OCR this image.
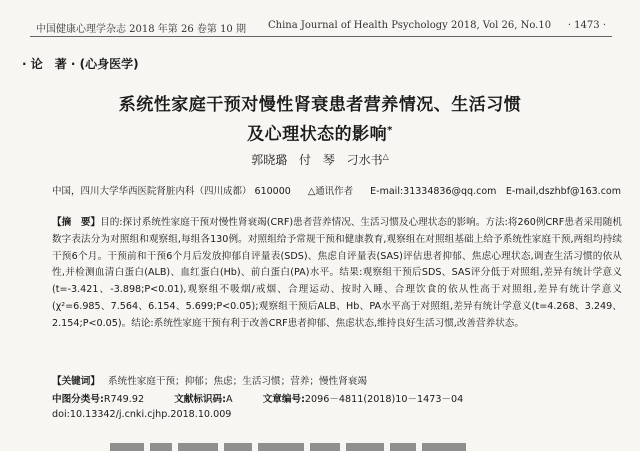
中国健康心理学杂志 2018 年第 26 卷第 10 期 China Journal of Health Psychology 2018, Vol 26, No.10 · 1473 ·
· 论　著 · (心身医学)
系统性家庭干预对慢性肾衰患者营养情况、生活习惯
及心理状态的影响*
郭晓璐 付 琴 刁水书△
中国，四川大学华西医院肾脏内科（四川成都） 610000 △通讯作者 E-mail:31334836@qq.com　E-mail,dszhbf@163.com
【摘　要】目的:探讨系统性家庭干预对慢性肾衰竭(CRF)患者营养情况、生活习惯及心理状态的影响。方法:将260例CRF患者采用随机数字表法分为对照组和观察组,每组各130例。对照组给予常规干预和健康教育,观察组在对照组基础上给予系统性家庭干预,两组均持续干预6个月。干预前和干预6个月后发放抑郁自评量表(SDS)、焦虑自评量表(SAS)评估患者抑郁、焦虑心理状态,调查生活习惯的依从性,并检测血清白蛋白(ALB)、血红蛋白(Hb)、前白蛋白(PA)水平。结果:观察组干预后SDS、SAS评分低于对照组,差异有统计学意义(t=-3.421、-3.898;P<0.01),观察组不吸烟/戒烟、合理运动、按时入睡、合理饮食的依从性高于对照组,差异有统计学意义(χ²=6.985、7.564、6.154、5.699;P<0.05);观察组干预后ALB、Hb、PA水平高于对照组,差异有统计学意义(t=4.268、3.249、2.154;P<0.05)。结论:系统性家庭干预有利于改善CRF患者抑郁、焦虑状态,维持良好生活习惯,改善营养状态。
【关键词】 系统性家庭干预；抑郁；焦虑；生活习惯；营养；慢性肾衰竭
中图分类号:R749.92	文献标识码:A	文章编号:2096－4811(2018)10－1473－04
doi:10.13342/j.cnki.cjhp.2018.10.009
